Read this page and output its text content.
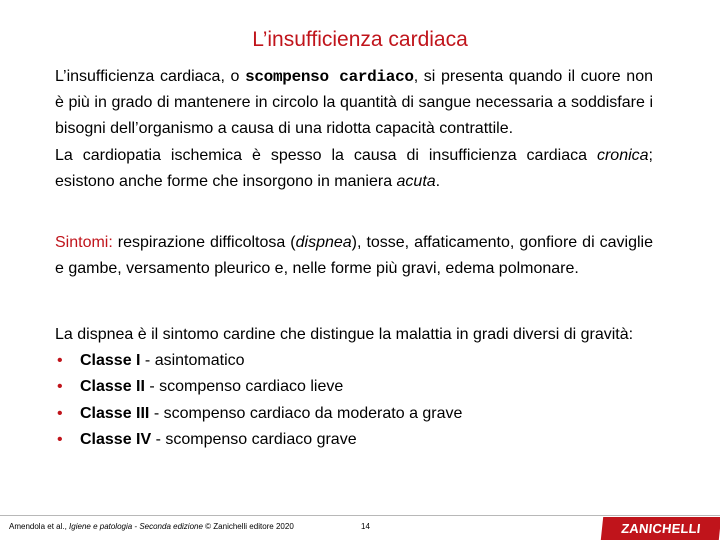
L’insufficienza cardiaca
L’insufficienza cardiaca, o scompenso cardiaco, si presenta quando il cuore non è più in grado di mantenere in circolo la quantità di sangue necessaria a soddisfare i bisogni dell’organismo a causa di una ridotta capacità contrattile.
La cardiopatia ischemica è spesso la causa di insufficienza cardiaca cronica; esistono anche forme che insorgono in maniera acuta.
Sintomi: respirazione difficoltosa (dispnea), tosse, affaticamento, gonfiore di caviglie e gambe, versamento pleurico e, nelle forme più gravi, edema polmonare.
La dispnea è il sintomo cardine che distingue la malattia in gradi diversi di gravità:
• Classe I - asintomatico
• Classe II - scompenso cardiaco lieve
• Classe III - scompenso cardiaco da moderato a grave
• Classe IV - scompenso cardiaco grave
Amendola et al., Igiene e patologia - Seconda edizione © Zanichelli editore 2020	14	ZANICHELLI
